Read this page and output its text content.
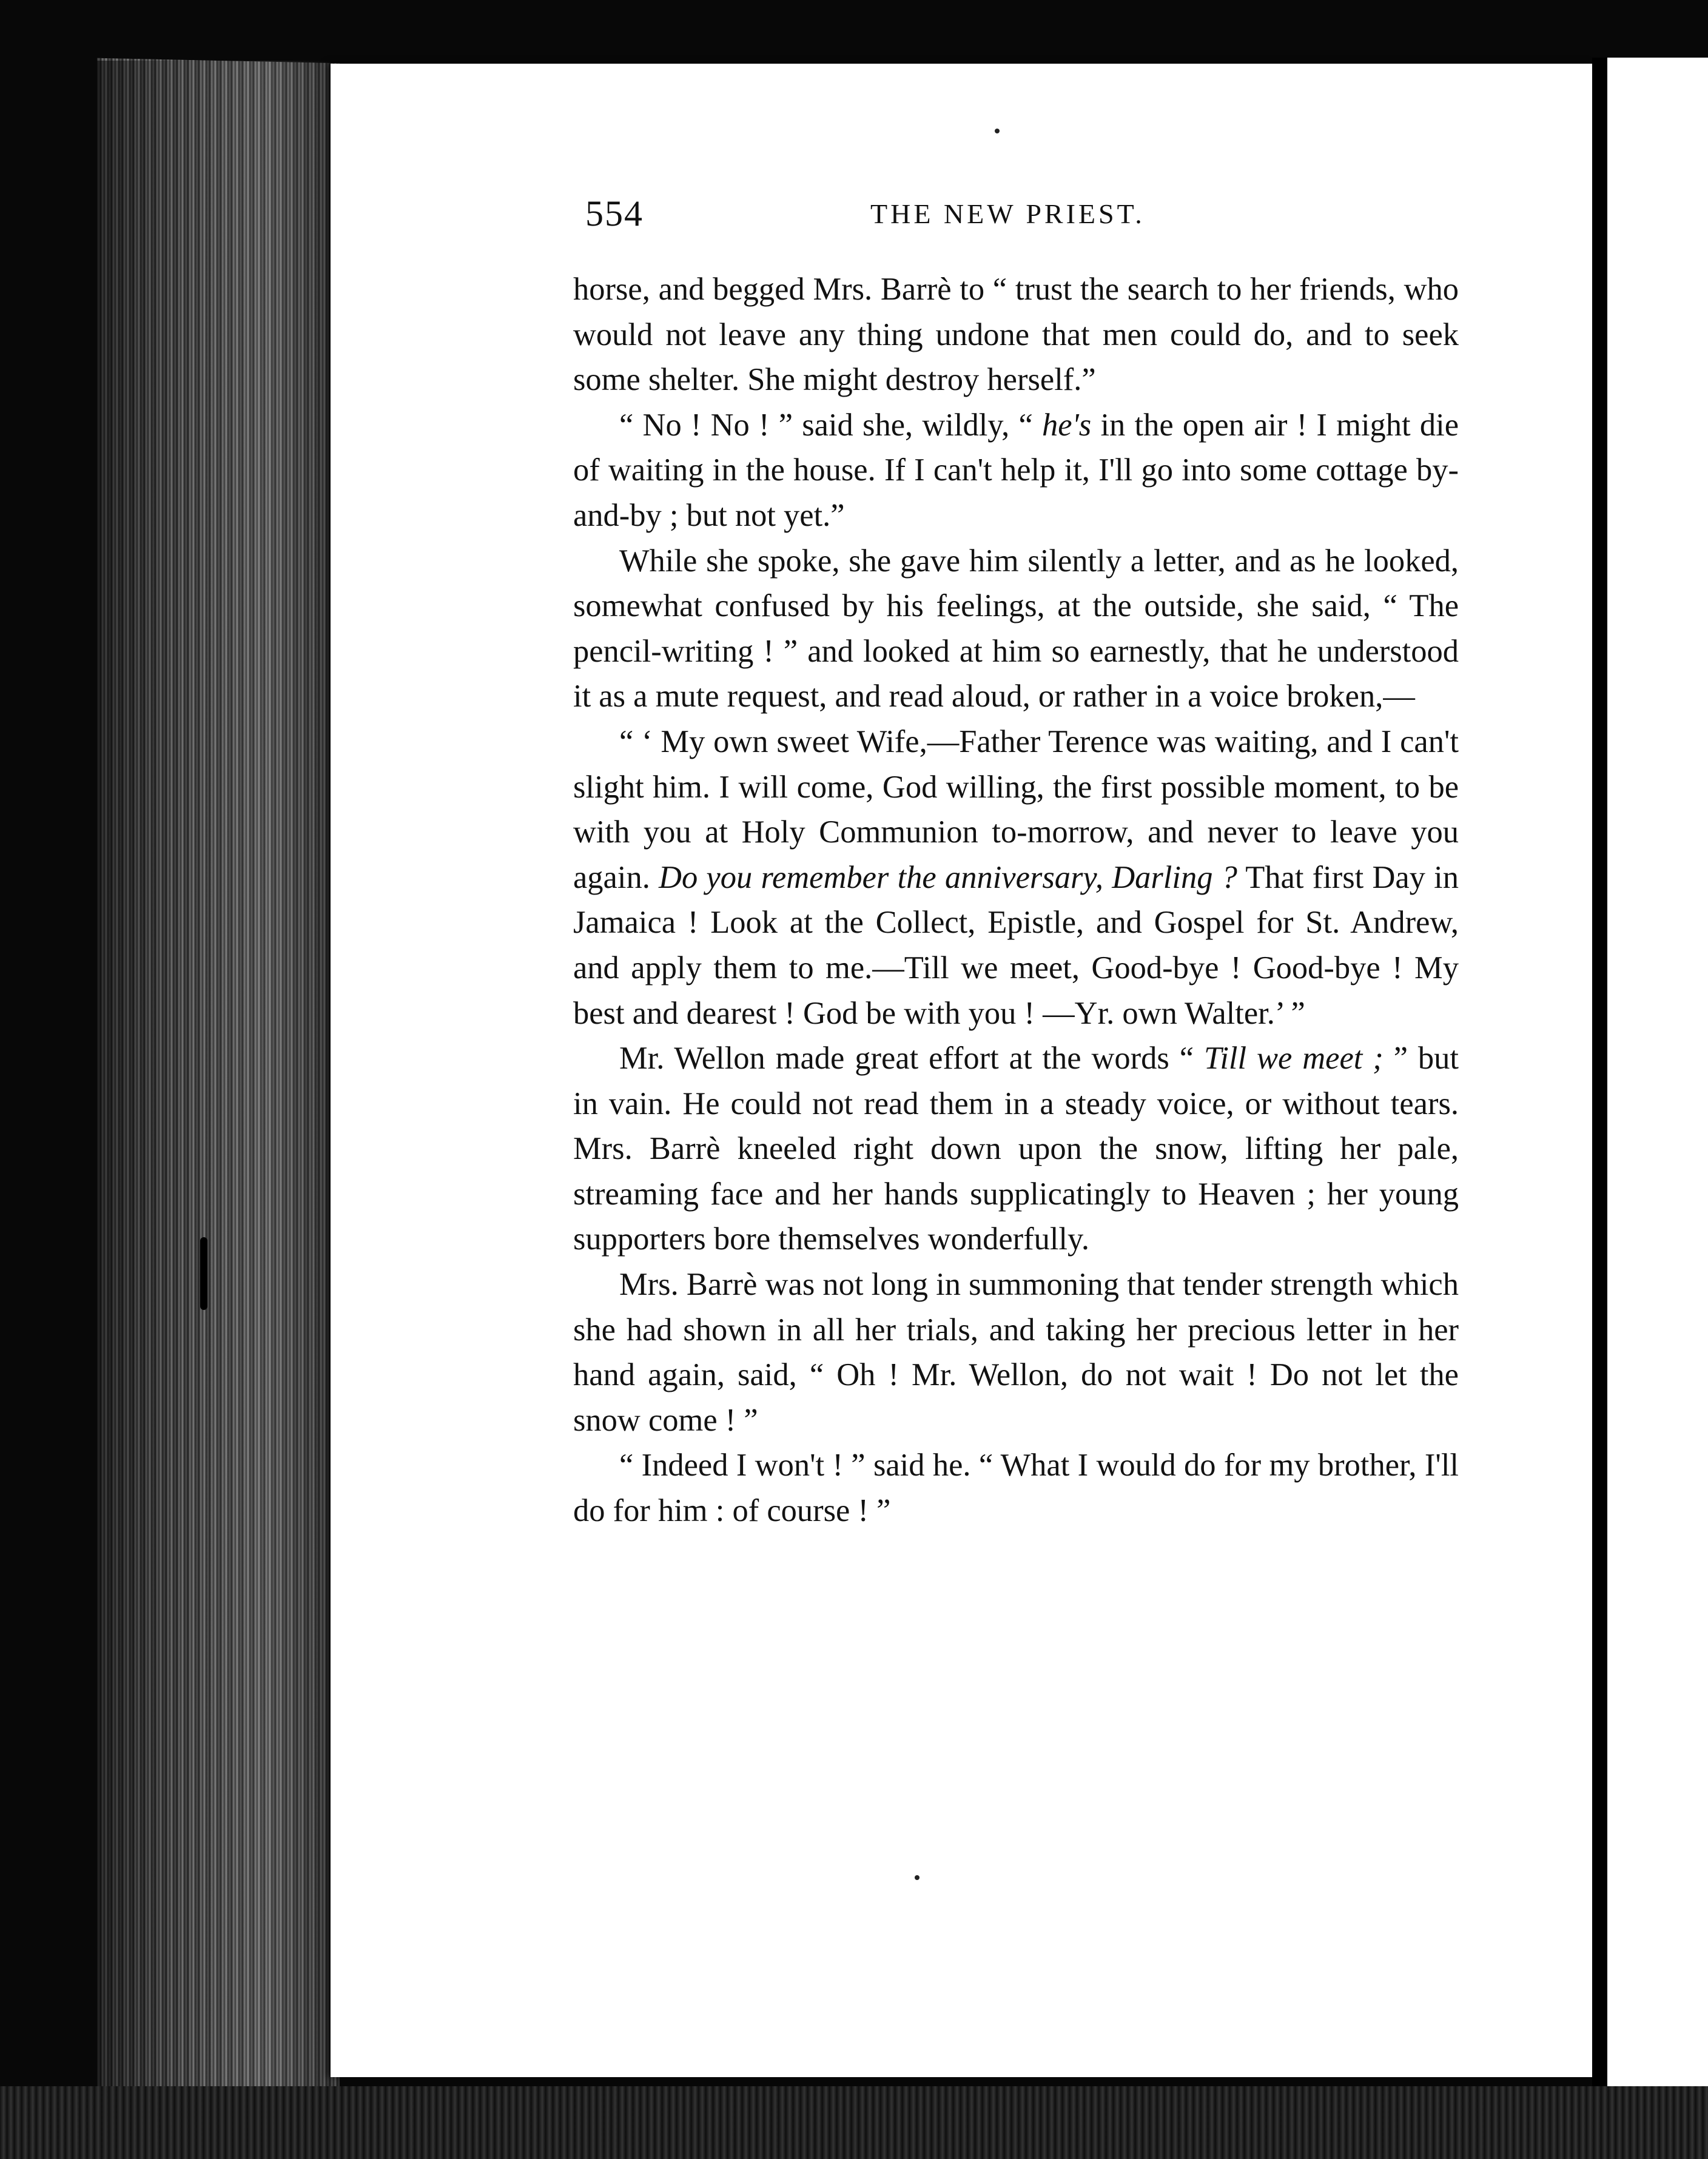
554	THE NEW PRIEST.

horse, and begged Mrs. Barrè to “ trust the search to her friends, who would not leave any thing undone that men could do, and to seek some shelter. She might destroy herself.”

“ No ! No ! ” said she, wildly, “ he's in the open air ! I might die of waiting in the house. If I can't help it, I'll go into some cottage by-and-by ; but not yet.”

While she spoke, she gave him silently a letter, and as he looked, somewhat confused by his feelings, at the outside, she said, “ The pencil-writing ! ” and looked at him so earnestly, that he understood it as a mute request, and read aloud, or rather in a voice broken,—

“ ‘ My own sweet Wife,—Father Terence was waiting, and I can't slight him. I will come, God willing, the first possible moment, to be with you at Holy Communion to-morrow, and never to leave you again. Do you remember the anniversary, Darling ? That first Day in Jamaica ! Look at the Collect, Epistle, and Gospel for St. Andrew, and apply them to me.—Till we meet, Good-bye ! Good-bye ! My best and dearest ! God be with you ! —Yr. own Walter.’ ”

Mr. Wellon made great effort at the words “ Till we meet ; ” but in vain. He could not read them in a steady voice, or without tears. Mrs. Barrè kneeled right down upon the snow, lifting her pale, streaming face and her hands supplicatingly to Heaven ; her young supporters bore themselves wonderfully.

Mrs. Barrè was not long in summoning that tender strength which she had shown in all her trials, and taking her precious letter in her hand again, said, “ Oh ! Mr. Wellon, do not wait ! Do not let the snow come ! ”

“ Indeed I won't ! ” said he. “ What I would do for my brother, I'll do for him : of course ! ”
